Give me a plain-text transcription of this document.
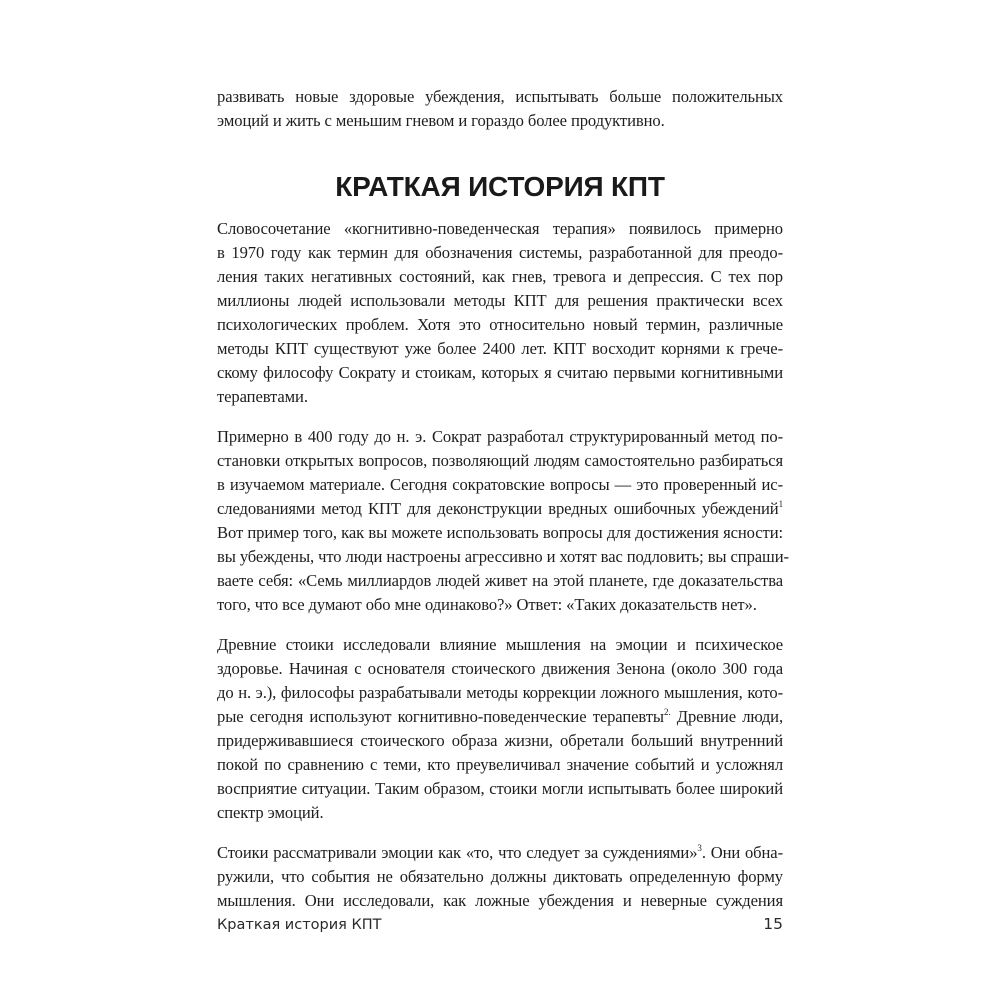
развивать новые здоровые убеждения, испытывать больше положительных
эмоций и жить с меньшим гневом и гораздо более продуктивно.
КРАТКАЯ ИСТОРИЯ КПТ
Словосочетание «когнитивно-поведенческая терапия» появилось примерно
в 1970 году как термин для обозначения системы, разработанной для преодо-
ления таких негативных состояний, как гнев, тревога и депрессия. С тех пор
миллионы людей использовали методы КПТ для решения практически всех
психологических проблем. Хотя это относительно новый термин, различные
методы КПТ существуют уже более 2400 лет. КПТ восходит корнями к грече-
скому философу Сократу и стоикам, которых я считаю первыми когнитивными
терапевтами.
Примерно в 400 году до н. э. Сократ разработал структурированный метод по-
становки открытых вопросов, позволяющий людям самостоятельно разбираться
в изучаемом материале. Сегодня сократовские вопросы — это проверенный ис-
следованиями метод КПТ для деконструкции вредных ошибочных убеждений$^1$
Вот пример того, как вы можете использовать вопросы для достижения ясности:
вы убеждены, что люди настроены агрессивно и хотят вас подловить; вы спраши-
ваете себя: «Семь миллиардов людей живет на этой планете, где доказательства
того, что все думают обо мне одинаково?» Ответ: «Таких доказательств нет».
Древние стоики исследовали влияние мышления на эмоции и психическое
здоровье. Начиная с основателя стоического движения Зенона (около 300 года
до н. э.), философы разрабатывали методы коррекции ложного мышления, кото-
рые сегодня используют когнитивно-поведенческие терапевты$^{2.}$ Древние люди,
придерживавшиеся стоического образа жизни, обретали больший внутренний
покой по сравнению с теми, кто преувеличивал значение событий и усложнял
восприятие ситуации. Таким образом, стоики могли испытывать более широкий
спектр эмоций.
Стоики рассматривали эмоции как «то, что следует за суждениями»$^3$. Они обна-
ружили, что события не обязательно должны диктовать определенную форму
мышления. Они исследовали, как ложные убеждения и неверные суждения
Краткая история КПТ	15
